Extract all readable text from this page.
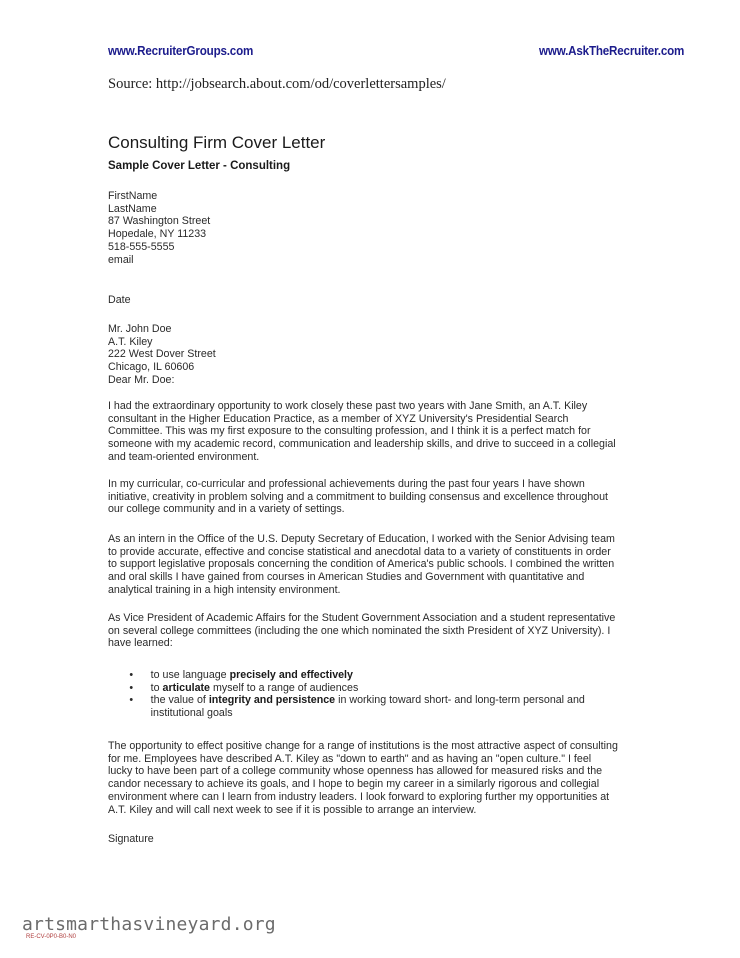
www.RecruiterGroups.com	www.AskTheRecruiter.com
Source: http://jobsearch.about.com/od/coverlettersamples/
Consulting Firm Cover Letter
Sample Cover Letter - Consulting
FirstName
LastName
87 Washington Street
Hopedale, NY 11233
518-555-5555
email
Date
Mr. John Doe
A.T. Kiley
222 West Dover Street
Chicago, IL 60606
Dear Mr. Doe:
I had the extraordinary opportunity to work closely these past two years with Jane Smith, an A.T. Kiley
consultant in the Higher Education Practice, as a member of XYZ University's Presidential Search
Committee. This was my first exposure to the consulting profession, and I think it is a perfect match for
someone with my academic record, communication and leadership skills, and drive to succeed in a collegial
and team-oriented environment.
In my curricular, co-curricular and professional achievements during the past four years I have shown
initiative, creativity in problem solving and a commitment to building consensus and excellence throughout
our college community and in a variety of settings.
As an intern in the Office of the U.S. Deputy Secretary of Education, I worked with the Senior Advising team
to provide accurate, effective and concise statistical and anecdotal data to a variety of constituents in order
to support legislative proposals concerning the condition of America's public schools. I combined the written
and oral skills I have gained from courses in American Studies and Government with quantitative and
analytical training in a high intensity environment.
As Vice President of Academic Affairs for the Student Government Association and a student representative
on several college committees (including the one which nominated the sixth President of XYZ University). I
have learned:
• to use language precisely and effectively
• to articulate myself to a range of audiences
• the value of integrity and persistence in working toward short- and long-term personal and
institutional goals
The opportunity to effect positive change for a range of institutions is the most attractive aspect of consulting
for me. Employees have described A.T. Kiley as "down to earth" and as having an "open culture." I feel
lucky to have been part of a college community whose openness has allowed for measured risks and the
candor necessary to achieve its goals, and I hope to begin my career in a similarly rigorous and collegial
environment where can I learn from industry leaders. I look forward to exploring further my opportunities at
A.T. Kiley and will call next week to see if it is possible to arrange an interview.
Signature
artsmarthasvineyard.org
RE-CV-0P0-B0-N0
